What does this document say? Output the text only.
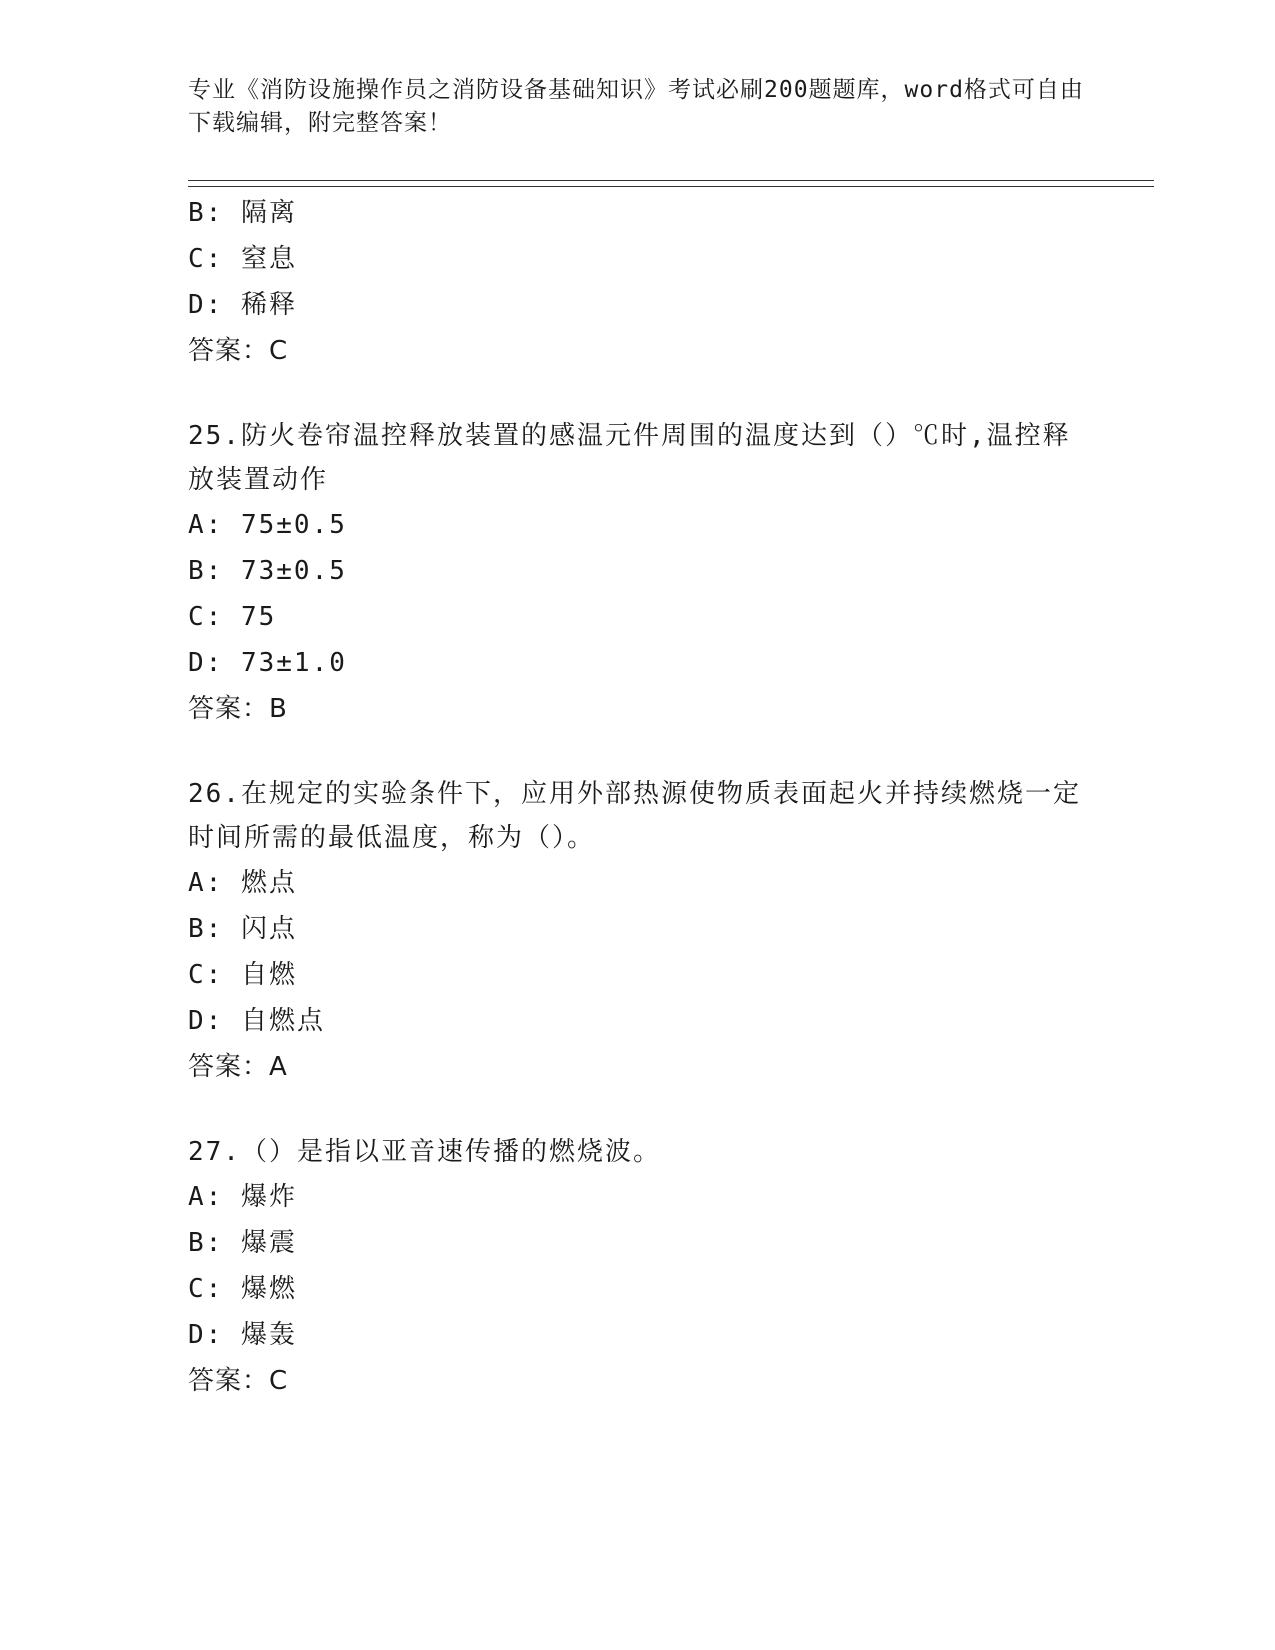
专业《消防设施操作员之消防设备基础知识》考试必刷200题题库，word格式可自由下载编辑，附完整答案！
B: 隔离
C: 窒息
D: 稀释
答案：C
25.防火卷帘温控释放装置的感温元件周围的温度达到（）℃时,温控释放装置动作
A: 75±0.5
B: 73±0.5
C: 75
D: 73±1.0
答案：B
26.在规定的实验条件下，应用外部热源使物质表面起火并持续燃烧一定时间所需的最低温度，称为（）。
A: 燃点
B: 闪点
C: 自燃
D: 自燃点
答案：A
27.（）是指以亚音速传播的燃烧波。
A: 爆炸
B: 爆震
C: 爆燃
D: 爆轰
答案：C
